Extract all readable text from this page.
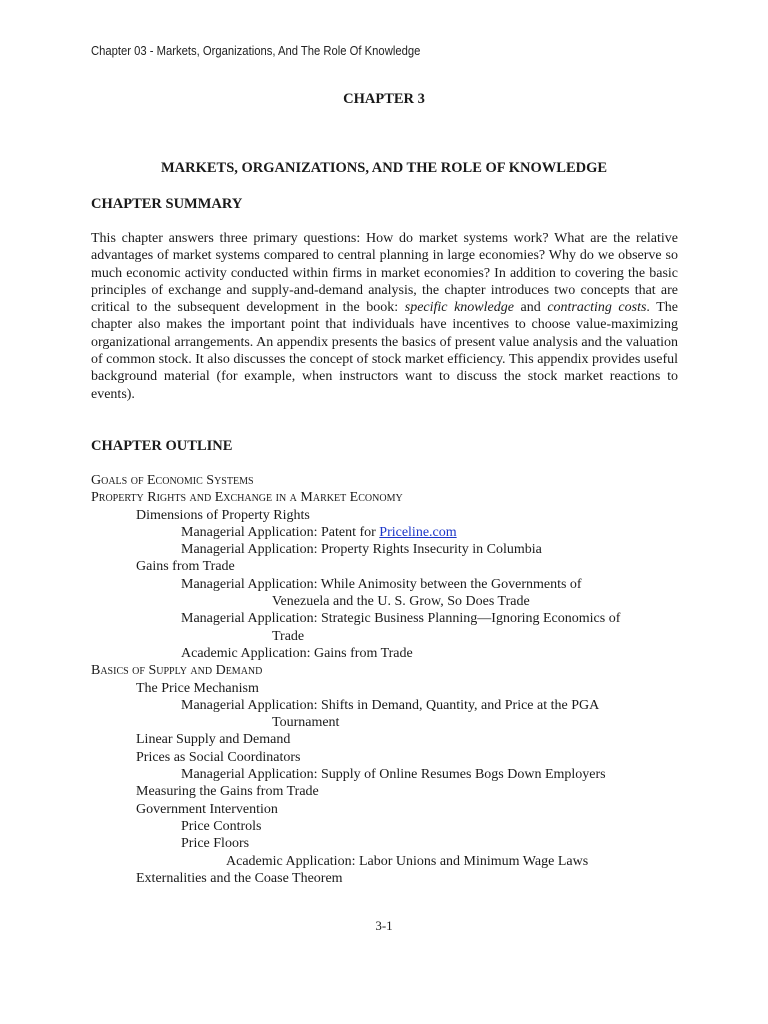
Chapter 03 - Markets, Organizations, And The Role Of Knowledge
CHAPTER 3
MARKETS, ORGANIZATIONS, AND THE ROLE OF KNOWLEDGE
CHAPTER SUMMARY
This chapter answers three primary questions: How do market systems work? What are the relative advantages of market systems compared to central planning in large economies? Why do we observe so much economic activity conducted within firms in market economies? In addition to covering the basic principles of exchange and supply-and-demand analysis, the chapter introduces two concepts that are critical to the subsequent development in the book: specific knowledge and contracting costs. The chapter also makes the important point that individuals have incentives to choose value-maximizing organizational arrangements. An appendix presents the basics of present value analysis and the valuation of common stock. It also discusses the concept of stock market efficiency. This appendix provides useful background material (for example, when instructors want to discuss the stock market reactions to events).
CHAPTER OUTLINE
Goals of Economic Systems
Property Rights and Exchange in a Market Economy
Dimensions of Property Rights
Managerial Application: Patent for Priceline.com
Managerial Application: Property Rights Insecurity in Columbia
Gains from Trade
Managerial Application: While Animosity between the Governments of
Venezuela and the U. S. Grow, So Does Trade
Managerial Application: Strategic Business Planning—Ignoring Economics of
Trade
Academic Application: Gains from Trade
Basics of Supply and Demand
The Price Mechanism
Managerial Application: Shifts in Demand, Quantity, and Price at the PGA
Tournament
Linear Supply and Demand
Prices as Social Coordinators
Managerial Application: Supply of Online Resumes Bogs Down Employers
Measuring the Gains from Trade
Government Intervention
Price Controls
Price Floors
Academic Application: Labor Unions and Minimum Wage Laws
Externalities and the Coase Theorem
3-1
